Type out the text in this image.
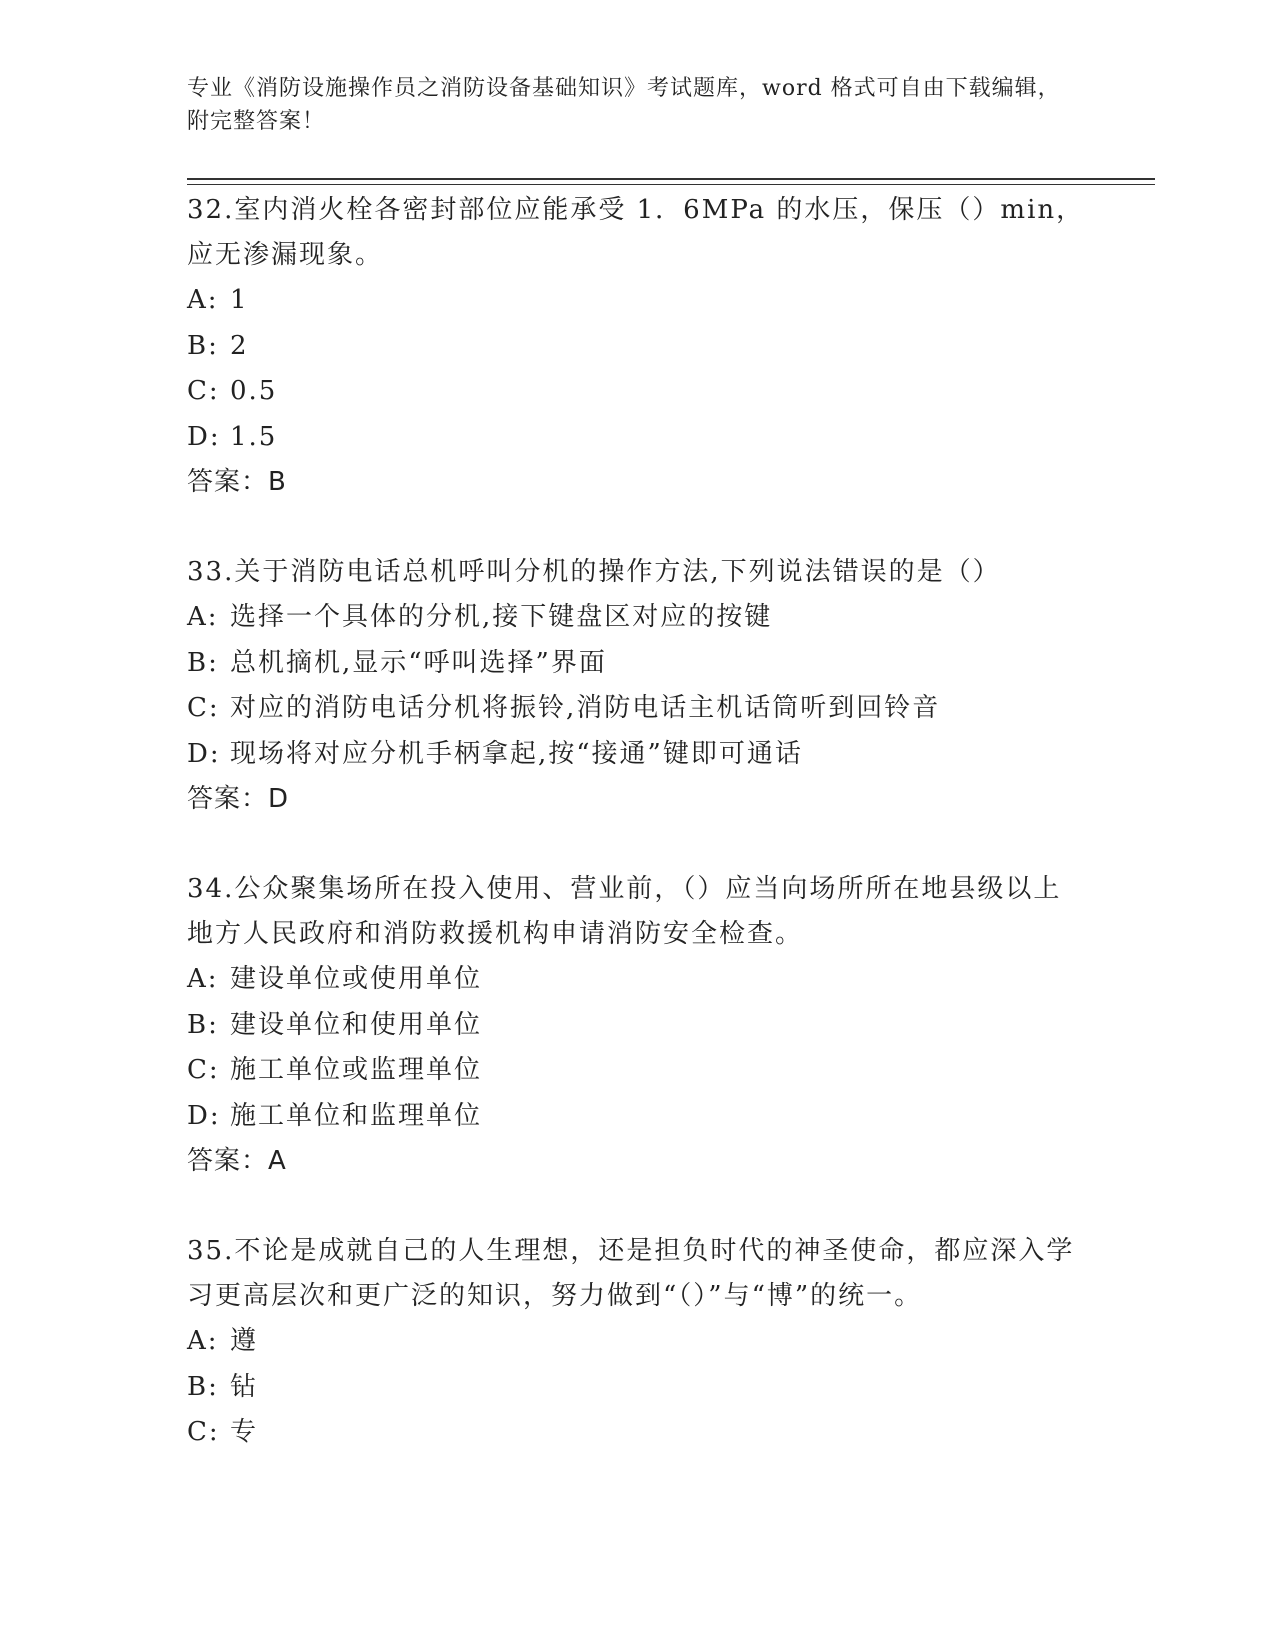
专业《消防设施操作员之消防设备基础知识》考试题库，word 格式可自由下载编辑，附完整答案！
32.室内消火栓各密封部位应能承受 1．6MPa 的水压，保压（）min，应无渗漏现象。
A: 1
B: 2
C: 0.5
D: 1.5
答案：B
33.关于消防电话总机呼叫分机的操作方法,下列说法错误的是（）
A: 选择一个具体的分机,接下键盘区对应的按键
B: 总机摘机,显示“呼叫选择”界面
C: 对应的消防电话分机将振铃,消防电话主机话筒听到回铃音
D: 现场将对应分机手柄拿起,按“接通”键即可通话
答案：D
34.公众聚集场所在投入使用、营业前，（）应当向场所所在地县级以上地方人民政府和消防救援机构申请消防安全检查。
A: 建设单位或使用单位
B: 建设单位和使用单位
C: 施工单位或监理单位
D: 施工单位和监理单位
答案：A
35.不论是成就自己的人生理想，还是担负时代的神圣使命，都应深入学习更高层次和更广泛的知识，努力做到“（）”与“博”的统一。
A: 遵
B: 钻
C: 专
